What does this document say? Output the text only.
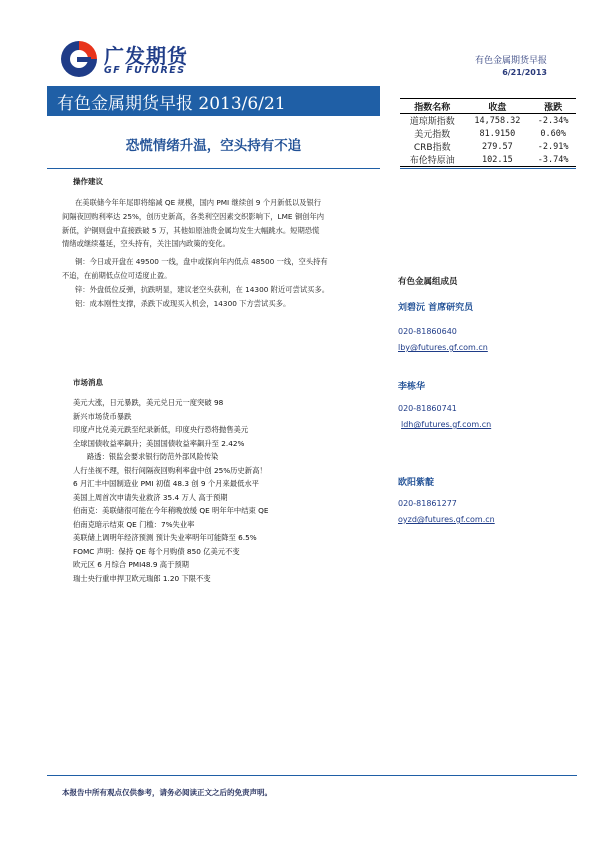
广发期货
GF FUTURES
有色金属期货早报
6/21/2013
有色金属期货早报 2013/6/21
恐慌情绪升温，空头持有不追
指数名称	收盘	涨跌
道琼斯指数	14,758.32	-2.34%
美元指数	81.9150	0.60%
CRB指数	279.57	-2.91%
布伦特原油	102.15	-3.74%
操作建议
在美联储今年年尾即将缩减 QE 规模，国内 PMI 继续创 9 个月新低以及银行
间隔夜回购利率达 25%，创历史新高，各类利空因素交织影响下，LME 铜创年内
新低，沪铜则盘中直接跌破 5 万，其他如原油贵金属均发生大幅跳水。短期恐慌
情绪或继续蔓延，空头持有，关注国内政策的变化。
铜：今日或开盘在 49500 一线，盘中或探向年内低点 48500 一线，空头持有
不追，在前期低点位可适度止盈。
锌：外盘低位反弹，抗跌明显，建议老空头获利，在 14300 附近可尝试买多。
铝：成本刚性支撑，杀跌下或现买入机会，14300 下方尝试买多。
市场消息
美元大涨，日元暴跌，美元兑日元一度突破 98
新兴市场货币暴跌
印度卢比兑美元跌至纪录新低，印度央行恐将抛售美元
全球国债收益率飙升；美国国债收益率飙升至 2.42%
路透：银监会要求银行防范外部风险传染
人行坐视不理，银行间隔夜回购利率盘中创 25%历史新高！
6 月汇丰中国制造业 PMI 初值 48.3 创 9 个月来最低水平
美国上周首次申请失业救济 35.4 万人 高于预期
伯南克：美联储很可能在今年稍晚放缓 QE 明年年中结束 QE
伯南克暗示结束 QE 门槛：7%失业率
美联储上调明年经济预测 预计失业率明年可能降至 6.5%
FOMC 声明：保持 QE 每个月购债 850 亿美元不变
欧元区 6 月综合 PMI48.9 高于预期
瑞士央行重申捍卫欧元瑞郎 1.20 下限不变
有色金属组成员
刘碧沅 首席研究员
020-81860640
lby@futures.gf.com.cn
李栋华
020-81860741
ldh@futures.gf.com.cn
欧阳紫靛
020-81861277
oyzd@futures.gf.com.cn
本报告中所有观点仅供参考，请务必阅读正文之后的免责声明。
